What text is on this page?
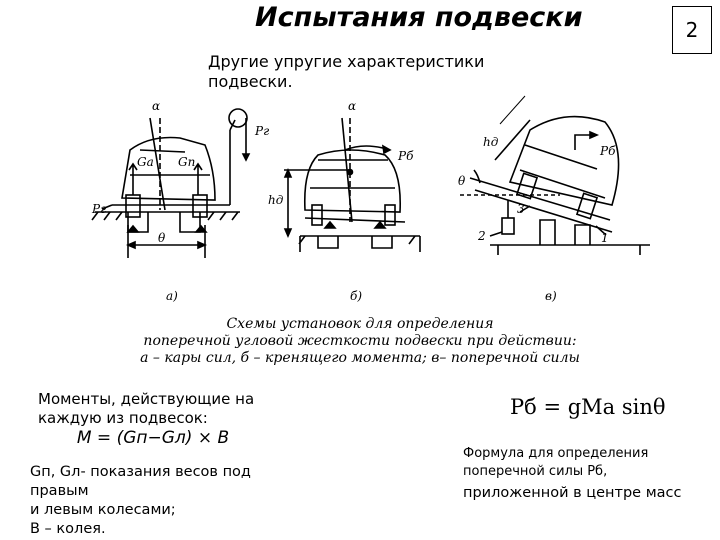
Испытания подвески
Другие упругие характеристики подвески.
2
α
Pг
Gа Gп
Pг
θ
α
Pб
hд
hд
Pб
θ
1
2
3
а)	б)	в)
Схемы установок для определения
поперечной угловой жесткости подвески при действии:
а – кары сил, б – кренящего момента; в– поперечной силы
Моменты, действующие на
каждую из подвесок:
M = (Gп−Gл) × B
Gп, Gл- показания весов под правым
и левым колесами;
В – колея.
Pб = gMа sinθ
Формула для определения
поперечной силы Рб,
приложенной в центре масс
